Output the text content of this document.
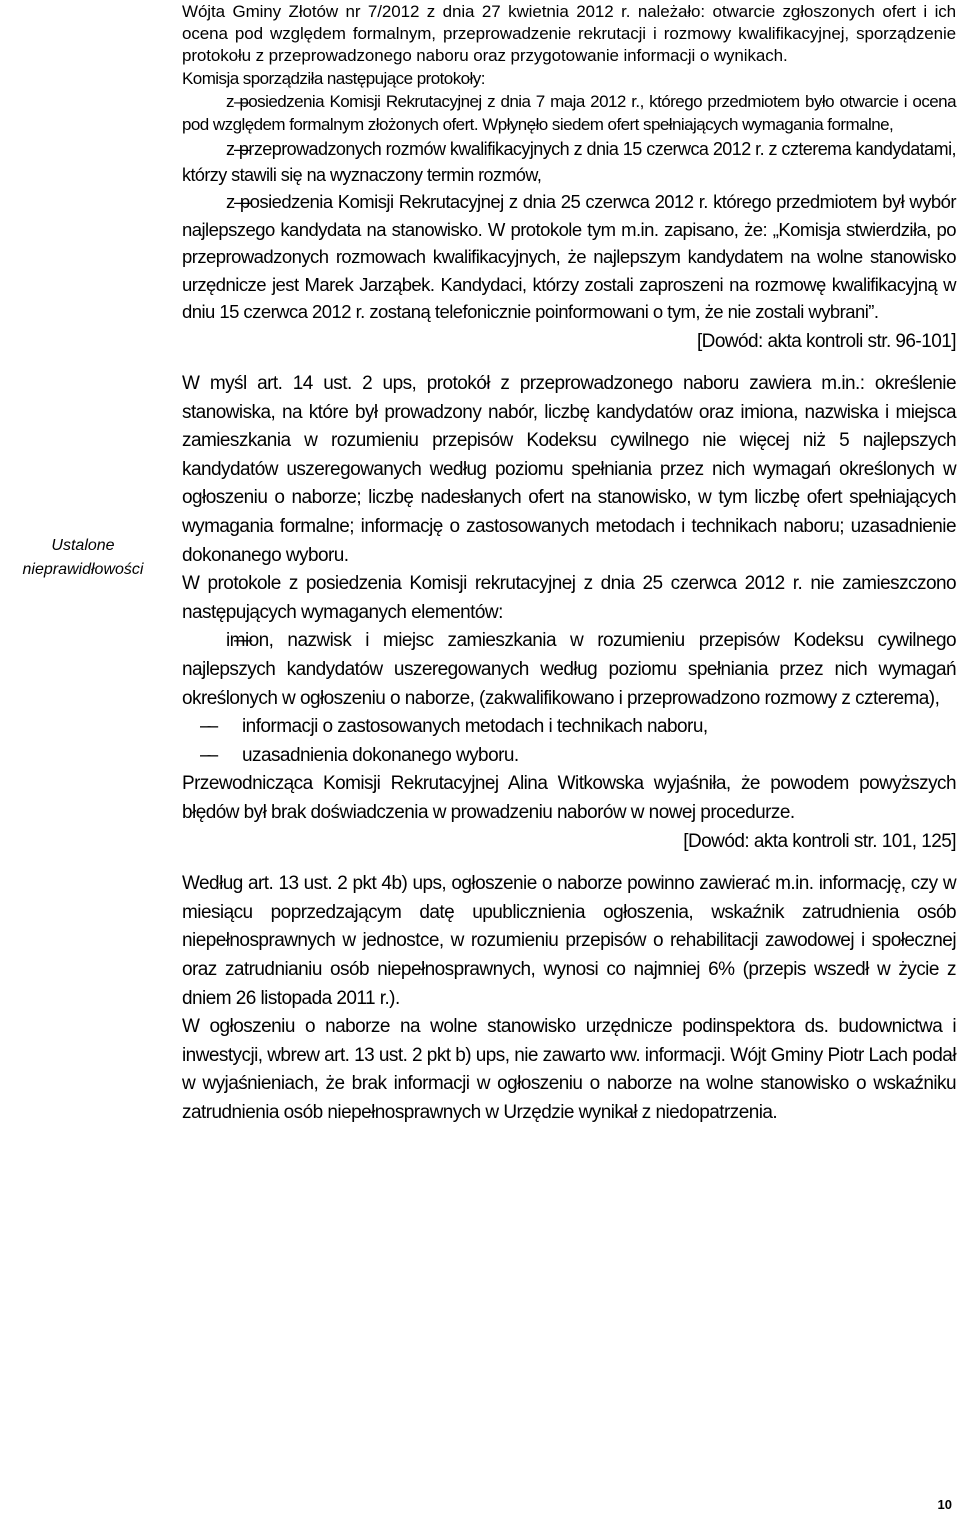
Ustalone nieprawidłowości

Wójta Gminy Złotów nr 7/2012 z dnia 27 kwietnia 2012 r. należało: otwarcie zgłoszonych ofert i ich ocena pod względem formalnym, przeprowadzenie rekrutacji i rozmowy kwalifikacyjnej, sporządzenie protokołu z przeprowadzonego naboru oraz przygotowanie informacji o wynikach.

Komisja sporządziła następujące protokoły:

–– z posiedzenia Komisji Rekrutacyjnej z dnia 7 maja 2012 r., którego przedmiotem było otwarcie i ocena pod względem formalnym złożonych ofert. Wpłynęło siedem ofert spełniających wymagania formalne,

–– z przeprowadzonych rozmów kwalifikacyjnych z dnia 15 czerwca 2012 r. z czterema kandydatami, którzy stawili się na wyznaczony termin rozmów,

–– z posiedzenia Komisji Rekrutacyjnej z dnia 25 czerwca 2012 r. którego przedmiotem był wybór najlepszego kandydata na stanowisko. W protokole tym m.in. zapisano, że: „Komisja stwierdziła, po przeprowadzonych rozmowach kwalifikacyjnych, że najlepszym kandydatem na wolne stanowisko urzędnicze jest Marek Jarząbek. Kandydaci, którzy zostali zaproszeni na rozmowę kwalifikacyjną w dniu 15 czerwca 2012 r. zostaną telefonicznie poinformowani o tym, że nie zostali wybrani”.

[Dowód: akta kontroli str. 96-101]

W myśl art. 14 ust. 2 ups, protokół z przeprowadzonego naboru zawiera m.in.: określenie stanowiska, na które był prowadzony nabór, liczbę kandydatów oraz imiona, nazwiska i miejsca zamieszkania w rozumieniu przepisów Kodeksu cywilnego nie więcej niż 5 najlepszych kandydatów uszeregowanych według poziomu spełniania przez nich wymagań określonych w ogłoszeniu o naborze; liczbę nadesłanych ofert na stanowisko, w tym liczbę ofert spełniających wymagania formalne; informację o zastosowanych metodach i technikach naboru; uzasadnienie dokonanego wyboru.

W protokole z posiedzenia Komisji rekrutacyjnej z dnia 25 czerwca 2012 r. nie zamieszczono następujących wymaganych elementów:

–– imion, nazwisk i miejsc zamieszkania w rozumieniu przepisów Kodeksu cywilnego najlepszych kandydatów uszeregowanych według poziomu spełniania przez nich wymagań określonych w ogłoszeniu o naborze, (zakwalifikowano i przeprowadzono rozmowy z czterema),

–– informacji o zastosowanych metodach i technikach naboru,

–– uzasadnienia dokonanego wyboru.

Przewodnicząca Komisji Rekrutacyjnej Alina Witkowska wyjaśniła, że powodem powyższych błędów był brak doświadczenia w prowadzeniu naborów w nowej procedurze.

[Dowód: akta kontroli str. 101, 125]

Według art. 13 ust. 2 pkt 4b) ups, ogłoszenie o naborze powinno zawierać m.in. informację, czy w miesiącu poprzedzającym datę upublicznienia ogłoszenia, wskaźnik zatrudnienia osób niepełnosprawnych w jednostce, w rozumieniu przepisów o rehabilitacji zawodowej i społecznej oraz zatrudnianiu osób niepełnosprawnych, wynosi co najmniej 6% (przepis wszedł w życie z dniem 26 listopada 2011 r.).

W ogłoszeniu o naborze na wolne stanowisko urzędnicze podinspektora ds. budownictwa i inwestycji, wbrew art. 13 ust. 2 pkt b) ups, nie zawarto ww. informacji. Wójt Gminy Piotr Lach podał w wyjaśnieniach, że brak informacji w ogłoszeniu o naborze na wolne stanowisko o wskaźniku zatrudnienia osób niepełnosprawnych w Urzędzie wynikał z niedopatrzenia.

10
